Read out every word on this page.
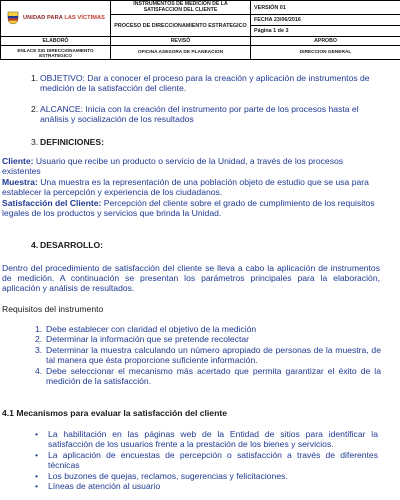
UNIDAD PARA LAS VÍCTIMAS	INSTRUMENTOS DE MEDICION DE LA SATISFACCION DEL CLIENTE	VERSIÓN 01
	PROCESO DE DIRECCIONAMIENTO ESTRATEGICO	FECHA 23/06/2016
		Página 1 de 3
ELABORÓ	REVISÓ	APROBO
ENLACE SIG DIRECCIONAMIENTO ESTRATEGICO	OFICINA ASESORA DE PLANEACION	DIRECCION GENERAL
1. OBJETIVO: Dar a conocer el proceso para la creación y aplicación de instrumentos de medición de la satisfacción del cliente.

2. ALCANCE: Inicia con la creación del instrumento por parte de los procesos hasta el análisis y socialización de los resultados

3. DEFINICIONES:

Cliente: Usuario que recibe un producto o servicio de la Unidad, a través de los procesos existentes
Muestra: Una muestra es la representación de una población objeto de estudio que se usa para establecer la percepción y experiencia de los ciudadanos.
Satisfacción del Cliente: Percepción del cliente sobre el grado de cumplimiento de los requisitos legales de los productos y servicios que brinda la Unidad.
4. DESARROLLO:

Dentro del procedimiento de satisfacción del cliente se lleva a cabo la aplicación de instrumentos de medición. A continuación se presentan los parámetros principales para la elaboración, aplicación y análisis de resultados.

Requisitos del instrumento

1. Debe establecer con claridad el objetivo de la medición
2. Determinar la información que se pretende recolectar
3. Determinar la muestra calculando un número apropiado de personas de la muestra, de tal manera que ésta proporcione suficiente información.
4. Debe seleccionar el mecanismo más acertado que permita garantizar el éxito de la medición de la satisfacción.

4.1 Mecanismos para evaluar la satisfacción del cliente

• La habilitación en las páginas web de la Entidad de sitios para identificar la satisfacción de los usuarios frente a la prestación de los bienes y servicios.

• La aplicación de encuestas de percepción o satisfacción a través de diferentes técnicas

• Los buzones de quejas, reclamos, sugerencias y felicitaciones.

• Líneas de atención al usuario
